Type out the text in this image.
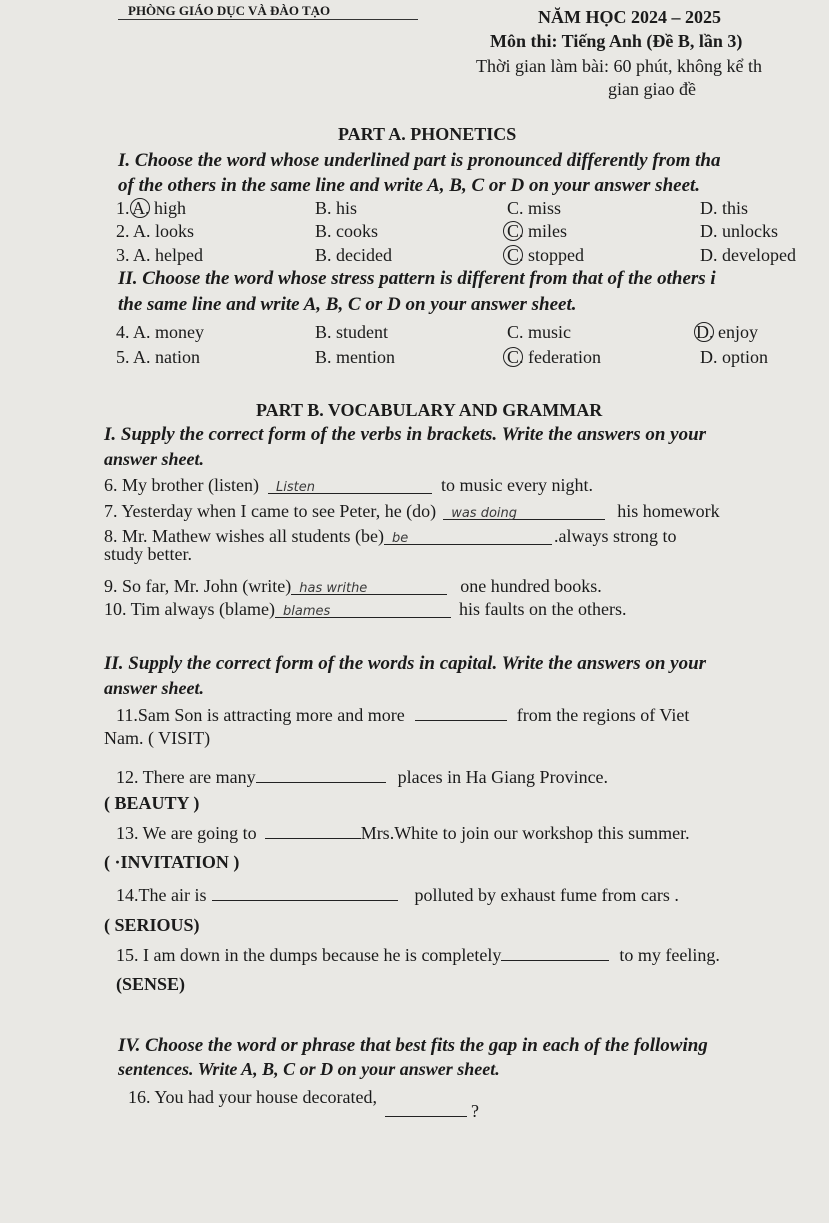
PHÒNG GIÁO DỤC VÀ ĐÀO TẠO	NĂM HỌC 2024 – 2025
Môn thi: Tiếng Anh (Đề B, lần 3)
Thời gian làm bài: 60 phút, không kể th
gian giao đề
PART A. PHONETICS
I. Choose the word whose underlined part is pronounced differently from tha
of the others in the same line and write A, B, C or D on your answer sheet.
1. A. high	B. his	C. miss	D. this
2. A. looks	B. cooks	C. miles	D. unlocks
3. A. helped	B. decided	C. stopped	D. developed
II. Choose the word whose stress pattern is different from that of the others i
the same line and write A, B, C or D on your answer sheet.
4. A. money	B. student	C. music	D. enjoy
5. A. nation	B. mention	C. federation	D. option
PART B. VOCABULARY AND GRAMMAR
I. Supply the correct form of the verbs in brackets. Write the answers on your
answer sheet.
6. My brother (listen) Listen	to music every night.
7. Yesterday when I came to see Peter, he (do) was doing	his homework
8. Mr. Mathew wishes all students (be) be	.always strong to
study better.
9. So far, Mr. John (write) has writhe	one hundred books.
10. Tim always (blame) blames	his faults on the others.
II. Supply the correct form of the words in capital. Write the answers on your
answer sheet.
11.Sam Son is attracting more and more	from the regions of Viet
Nam. ( VISIT)
12. There are many	places in Ha Giang Province.
( BEAUTY )
13. We are going to	Mrs.White to join our workshop this summer.
( ·INVITATION )
14.The air is	polluted by exhaust fume from cars .
( SERIOUS)
15. I am down in the dumps because he is completely	to my feeling.
(SENSE)
IV. Choose the word or phrase that best fits the gap in each of the following
sentences. Write A, B, C or D on your answer sheet.
16. You had your house decorated,?
